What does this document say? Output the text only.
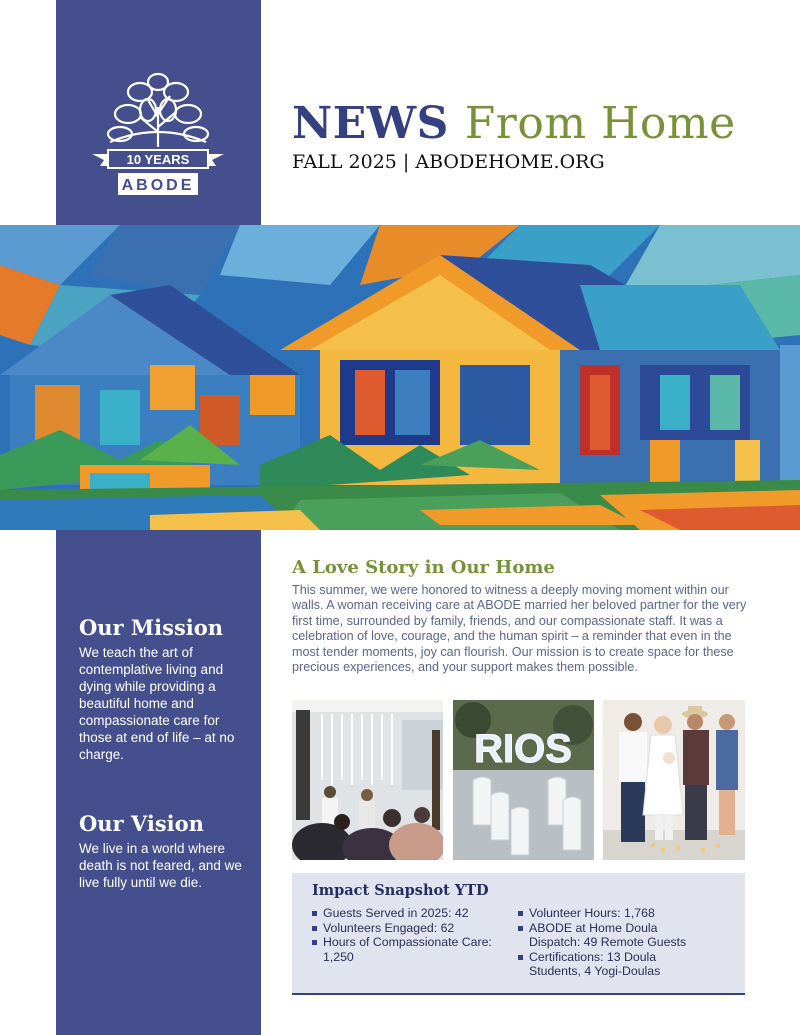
10 YEARS
ABODE
NEWS From Home
FALL 2025 | ABODEHOME.ORG
Our Mission
We teach the art of contemplative living and dying while providing a beautiful home and compassionate care for those at end of life – at no charge.
Our Vision
We live in a world where death is not feared, and we live fully until we die.
A Love Story in Our Home
This summer, we were honored to witness a deeply moving moment within our walls. A woman receiving care at ABODE married her beloved partner for the very first time, surrounded by family, friends, and our compassionate staff. It was a celebration of love, courage, and the human spirit – a reminder that even in the most tender moments, joy can flourish. Our mission is to create space for these precious experiences, and your support makes them possible.
RIOS
Impact Snapshot YTD
Guests Served in 2025: 42
Volunteers Engaged: 62
Hours of Compassionate Care: 1,250
Volunteer Hours: 1,768
ABODE at Home Doula Dispatch: 49 Remote Guests
Certifications: 13 Doula Students, 4 Yogi-Doulas
